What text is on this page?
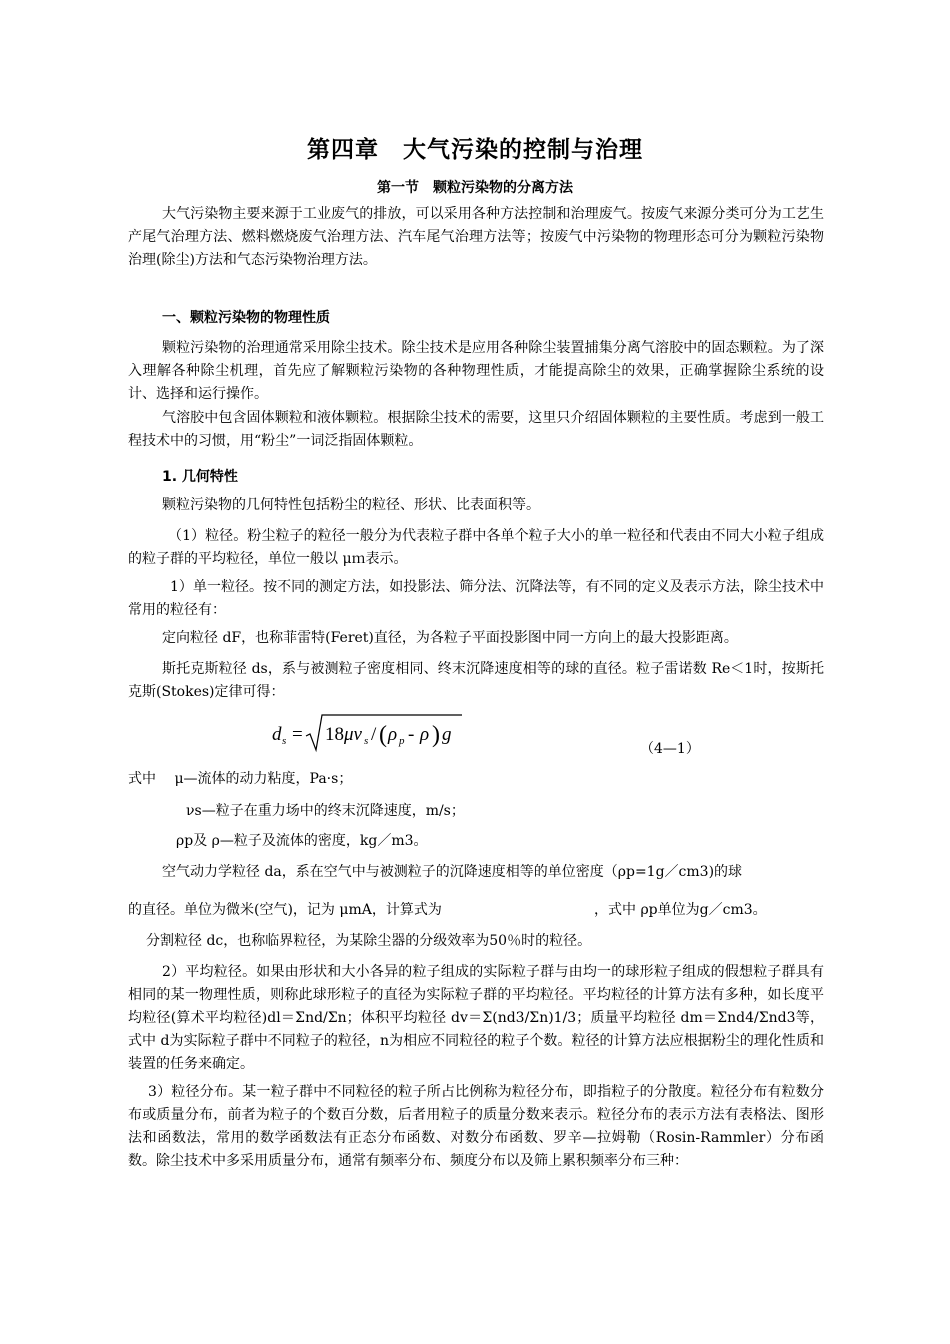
第四章　大气污染的控制与治理
第一节　颗粒污染物的分离方法
大气污染物主要来源于工业废气的排放，可以采用各种方法控制和治理废气。按废气来源分类可分为工艺生产尾气治理方法、燃料燃烧废气治理方法、汽车尾气治理方法等；按废气中污染物的物理形态可分为颗粒污染物治理(除尘)方法和气态污染物治理方法。
一、颗粒污染物的物理性质
颗粒污染物的治理通常采用除尘技术。除尘技术是应用各种除尘装置捕集分离气溶胶中的固态颗粒。为了深入理解各种除尘机理，首先应了解颗粒污染物的各种物理性质，才能提高除尘的效果，正确掌握除尘系统的设计、选择和运行操作。
气溶胶中包含固体颗粒和液体颗粒。根据除尘技术的需要，这里只介绍固体颗粒的主要性质。考虑到一般工程技术中的习惯，用“粉尘”一词泛指固体颗粒。
1. 几何特性
颗粒污染物的几何特性包括粉尘的粒径、形状、比表面积等。
（1）粒径。粉尘粒子的粒径一般分为代表粒子群中各单个粒子大小的单一粒径和代表由不同大小粒子组成的粒子群的平均粒径，单位一般以 μｍ表示。
1）单一粒径。按不同的测定方法，如投影法、筛分法、沉降法等，有不同的定义及表示方法，除尘技术中常用的粒径有：
定向粒径 dF，也称菲雷特(Feret)直径，为各粒子平面投影图中同一方向上的最大投影距离。
斯托克斯粒径 ds，系与被测粒子密度相同、终末沉降速度相等的球的直径。粒子雷诺数 Re＜1时，按斯托克斯(Stokes)定律可得：
d s = 18 μν s / ( ρ p - ρ ) g
（4—1）
式中　 μ—流体的动力粘度，Pa·s；
νs—粒子在重力场中的终末沉降速度，m/s；
ρp及 ρ—粒子及流体的密度，kg／m3。
空气动力学粒径 da，系在空气中与被测粒子的沉降速度相等的单位密度（ρp=1g／cm3)的球
的直径。单位为微米(空气)，记为 μmA，计算式为	，式中 ρp单位为g／cm3。
分割粒径 dc，也称临界粒径，为某除尘器的分级效率为50％时的粒径。
2）平均粒径。如果由形状和大小各异的粒子组成的实际粒子群与由均一的球形粒子组成的假想粒子群具有相同的某一物理性质，则称此球形粒子的直径为实际粒子群的平均粒径。平均粒径的计算方法有多种，如长度平均粒径(算术平均粒径)dl＝Σnd/Σn；体积平均粒径 dv＝Σ(nd3/Σn)1/3；质量平均粒径 dm＝Σnd4/Σnd3等，式中 d为实际粒子群中不同粒子的粒径，n为相应不同粒径的粒子个数。粒径的计算方法应根据粉尘的理化性质和装置的任务来确定。
3）粒径分布。某一粒子群中不同粒径的粒子所占比例称为粒径分布，即指粒子的分散度。粒径分布有粒数分布或质量分布，前者为粒子的个数百分数，后者用粒子的质量分数来表示。粒径分布的表示方法有表格法、图形法和函数法，常用的数学函数法有正态分布函数、对数分布函数、罗辛—拉姆勒（Rosin-Rammler）分布函数。除尘技术中多采用质量分布，通常有频率分布、频度分布以及筛上累积频率分布三种：
